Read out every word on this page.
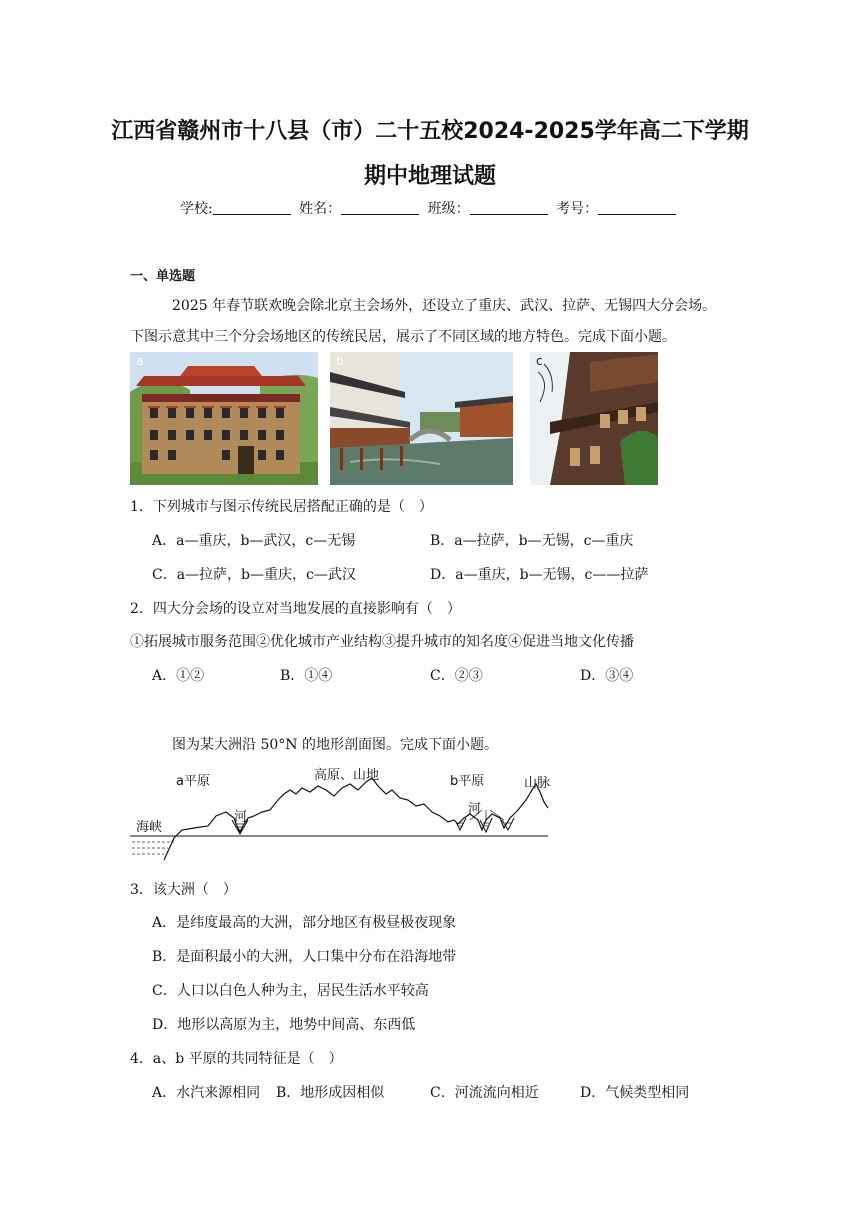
江西省赣州市十八县（市）二十五校2024-2025学年高二下学期
期中地理试题
学校:	姓名：	班级：	考号：
一、单选题
2025 年春节联欢晚会除北京主会场外，还设立了重庆、武汉、拉萨、无锡四大分会场。
下图示意其中三个分会场地区的传统民居，展示了不同区域的地方特色。完成下面小题。
a	b	c
1．下列城市与图示传统民居搭配正确的是（　）
A．a—重庆，b—武汉，c—无锡	B．a—拉萨，b—无锡，c—重庆
C．a—拉萨，b—重庆，c—武汉	D．a—重庆，b—无锡，c——拉萨
2．四大分会场的设立对当地发展的直接影响有（　）
①拓展城市服务范围②优化城市产业结构③提升城市的知名度④促进当地文化传播
A．①②	B．①④	C．②③	D．③④
图为某大洲沿 50°N 的地形剖面图。完成下面小题。
a平原	高原、山地	b平原	山脉
海峡
河
河
3．该大洲（　）
A．是纬度最高的大洲，部分地区有极昼极夜现象
B．是面积最小的大洲，人口集中分布在沿海地带
C．人口以白色人种为主，居民生活水平较高
D．地形以高原为主，地势中间高、东西低
4．a、b 平原的共同特征是（　）
A．水汽来源相同 B．地形成因相似	C．河流流向相近	D．气候类型相同
